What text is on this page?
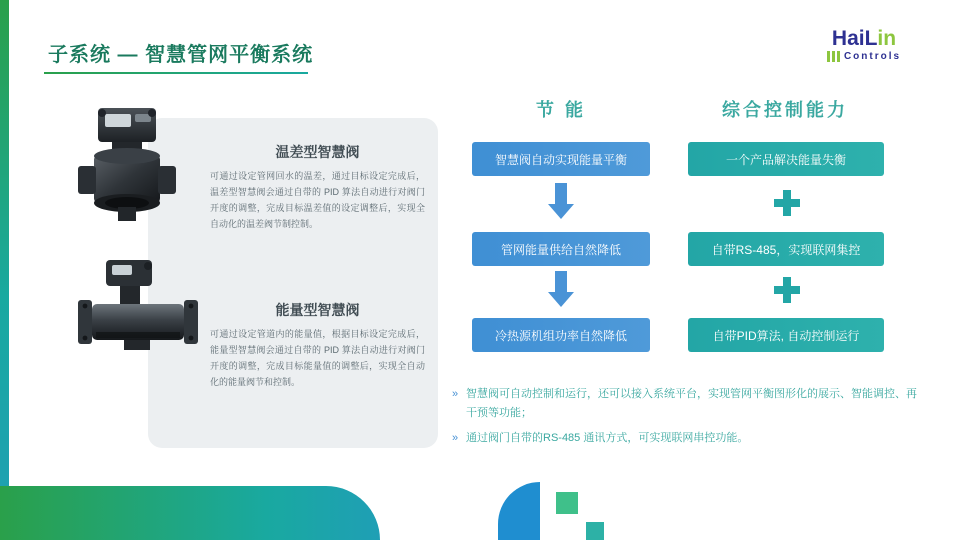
子系统 — 智慧管网平衡系统
HaiLin
Controls
温差型智慧阀
可通过设定管网回水的温差，通过目标设定完成后，温差型智慧阀会通过自带的 PID 算法自动进行对阀门开度的调整，完成目标温差值的设定调整后，实现全自动化的温差阀节制控制。
能量型智慧阀
可通过设定管道内的能量值，根据目标设定完成后，能量型智慧阀会通过自带的 PID 算法自动进行对阀门开度的调整，完成目标能量值的调整后，实现全自动化的能量阀节和控制。
节 能	综合控制能力
智慧阀自动实现能量平衡
管网能量供给自然降低
冷热源机组功率自然降低
一个产品解决能量失衡
自带RS-485，实现联网集控
自带PID算法, 自动控制运行
» 智慧阀可自动控制和运行，还可以接入系统平台，实现管网平衡图形化的展示、智能调控、再干预等功能；
» 通过阀门自带的RS-485 通讯方式，可实现联网串控功能。
